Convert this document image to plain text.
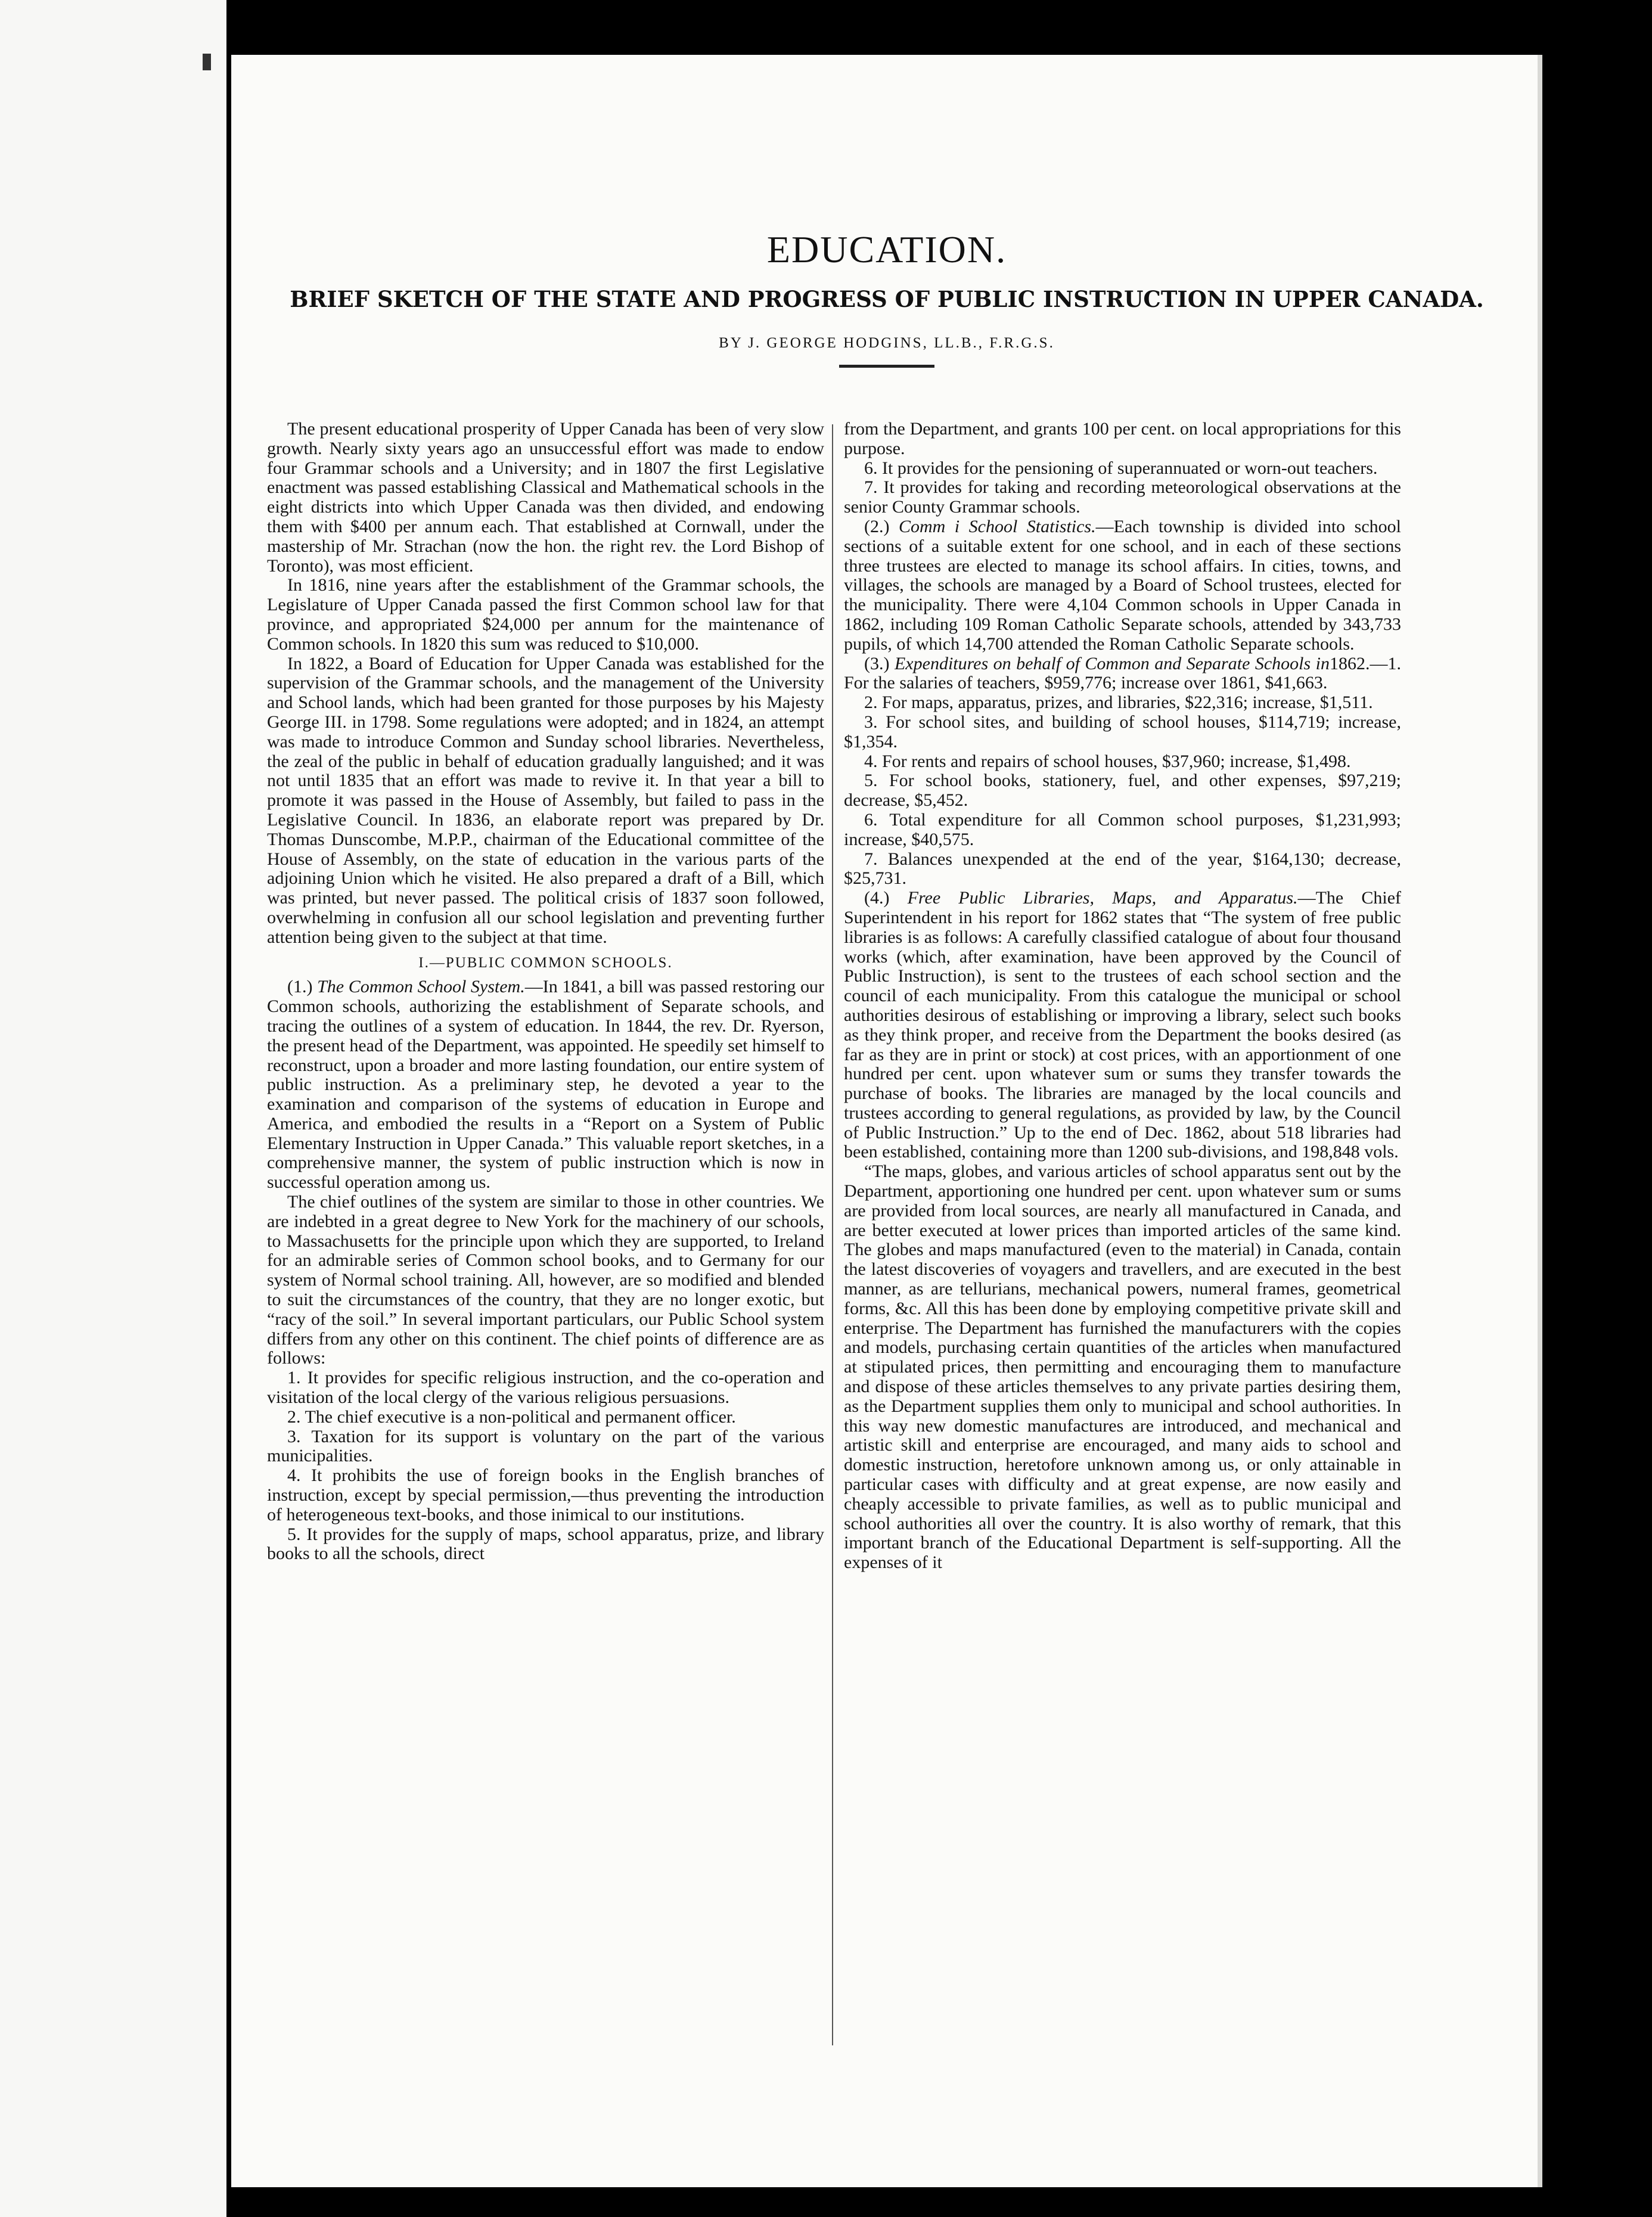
EDUCATION.
BRIEF SKETCH OF THE STATE AND PROGRESS OF PUBLIC INSTRUCTION IN UPPER CANADA.
BY J. GEORGE HODGINS, LL.B., F.R.G.S.

The present educational prosperity of Upper Canada has been of very slow growth. Nearly sixty years ago an unsuccessful effort was made to endow four Grammar schools and a University; and in 1807 the first Legislative enactment was passed establishing Classical and Mathematical schools in the eight districts into which Upper Canada was then divided, and endowing them with $400 per annum each. That established at Cornwall, under the mastership of Mr. Strachan (now the hon. the right rev. the Lord Bishop of Toronto), was most efficient.

In 1816, nine years after the establishment of the Grammar schools, the Legislature of Upper Canada passed the first Common school law for that province, and appropriated $24,000 per annum for the maintenance of Common schools. In 1820 this sum was reduced to $10,000.

In 1822, a Board of Education for Upper Canada was established for the supervision of the Grammar schools, and the management of the University and School lands, which had been granted for those purposes by his Majesty George III. in 1798. Some regulations were adopted; and in 1824, an attempt was made to introduce Common and Sunday school libraries. Nevertheless, the zeal of the public in behalf of education gradually languished; and it was not until 1835 that an effort was made to revive it. In that year a bill to promote it was passed in the House of Assembly, but failed to pass in the Legislative Council. In 1836, an elaborate report was prepared by Dr. Thomas Dunscombe, M.P.P., chairman of the Educational committee of the House of Assembly, on the state of education in the various parts of the adjoining Union which he visited. He also prepared a draft of a Bill, which was printed, but never passed. The political crisis of 1837 soon followed, overwhelming in confusion all our school legislation and preventing further attention being given to the subject at that time.

I.—PUBLIC COMMON SCHOOLS.

(1.) The Common School System.—In 1841, a bill was passed restoring our Common schools, authorizing the establishment of Separate schools, and tracing the outlines of a system of education. In 1844, the rev. Dr. Ryerson, the present head of the Department, was appointed. He speedily set himself to reconstruct, upon a broader and more lasting foundation, our entire system of public instruction. As a preliminary step, he devoted a year to the examination and comparison of the systems of education in Europe and America, and embodied the results in a “Report on a System of Public Elementary Instruction in Upper Canada.” This valuable report sketches, in a comprehensive manner, the system of public instruction which is now in successful operation among us.

The chief outlines of the system are similar to those in other countries. We are indebted in a great degree to New York for the machinery of our schools, to Massachusetts for the principle upon which they are supported, to Ireland for an admirable series of Common school books, and to Germany for our system of Normal school training. All, however, are so modified and blended to suit the circumstances of the country, that they are no longer exotic, but “racy of the soil.” In several important particulars, our Public School system differs from any other on this continent. The chief points of difference are as follows:

1. It provides for specific religious instruction, and the co-operation and visitation of the local clergy of the various religious persuasions.

2. The chief executive is a non-political and permanent officer.

3. Taxation for its support is voluntary on the part of the various municipalities.

4. It prohibits the use of foreign books in the English branches of instruction, except by special permission,—thus preventing the introduction of heterogeneous text-books, and those inimical to our institutions.

5. It provides for the supply of maps, school apparatus, prize, and library books to all the schools, direct

from the Department, and grants 100 per cent. on local appropriations for this purpose.

6. It provides for the pensioning of superannuated or worn-out teachers.

7. It provides for taking and recording meteorological observations at the senior County Grammar schools.

(2.) Comm i School Statistics.—Each township is divided into school sections of a suitable extent for one school, and in each of these sections three trustees are elected to manage its school affairs. In cities, towns, and villages, the schools are managed by a Board of School trustees, elected for the municipality. There were 4,104 Common schools in Upper Canada in 1862, including 109 Roman Catholic Separate schools, attended by 343,733 pupils, of which 14,700 attended the Roman Catholic Separate schools.

(3.) Expenditures on behalf of Common and Separate Schools in1862.—1. For the salaries of teachers, $959,776; increase over 1861, $41,663.

2. For maps, apparatus, prizes, and libraries, $22,316; increase, $1,511.

3. For school sites, and building of school houses, $114,719; increase, $1,354.

4. For rents and repairs of school houses, $37,960; increase, $1,498.

5. For school books, stationery, fuel, and other expenses, $97,219; decrease, $5,452.

6. Total expenditure for all Common school purposes, $1,231,993; increase, $40,575.

7. Balances unexpended at the end of the year, $164,130; decrease, $25,731.

(4.) Free Public Libraries, Maps, and Apparatus.—The Chief Superintendent in his report for 1862 states that “The system of free public libraries is as follows: A carefully classified catalogue of about four thousand works (which, after examination, have been approved by the Council of Public Instruction), is sent to the trustees of each school section and the council of each municipality. From this catalogue the municipal or school authorities desirous of establishing or improving a library, select such books as they think proper, and receive from the Department the books desired (as far as they are in print or stock) at cost prices, with an apportionment of one hundred per cent. upon whatever sum or sums they transfer towards the purchase of books. The libraries are managed by the local councils and trustees according to general regulations, as provided by law, by the Council of Public Instruction.” Up to the end of Dec. 1862, about 518 libraries had been established, containing more than 1200 sub-divisions, and 198,848 vols.

“The maps, globes, and various articles of school apparatus sent out by the Department, apportioning one hundred per cent. upon whatever sum or sums are provided from local sources, are nearly all manufactured in Canada, and are better executed at lower prices than imported articles of the same kind. The globes and maps manufactured (even to the material) in Canada, contain the latest discoveries of voyagers and travellers, and are executed in the best manner, as are tellurians, mechanical powers, numeral frames, geometrical forms, &c. All this has been done by employing competitive private skill and enterprise. The Department has furnished the manufacturers with the copies and models, purchasing certain quantities of the articles when manufactured at stipulated prices, then permitting and encouraging them to manufacture and dispose of these articles themselves to any private parties desiring them, as the Department supplies them only to municipal and school authorities. In this way new domestic manufactures are introduced, and mechanical and artistic skill and enterprise are encouraged, and many aids to school and domestic instruction, heretofore unknown among us, or only attainable in particular cases with difficulty and at great expense, are now easily and cheaply accessible to private families, as well as to public municipal and school authorities all over the country. It is also worthy of remark, that this important branch of the Educational Department is self-supporting. All the expenses of it
